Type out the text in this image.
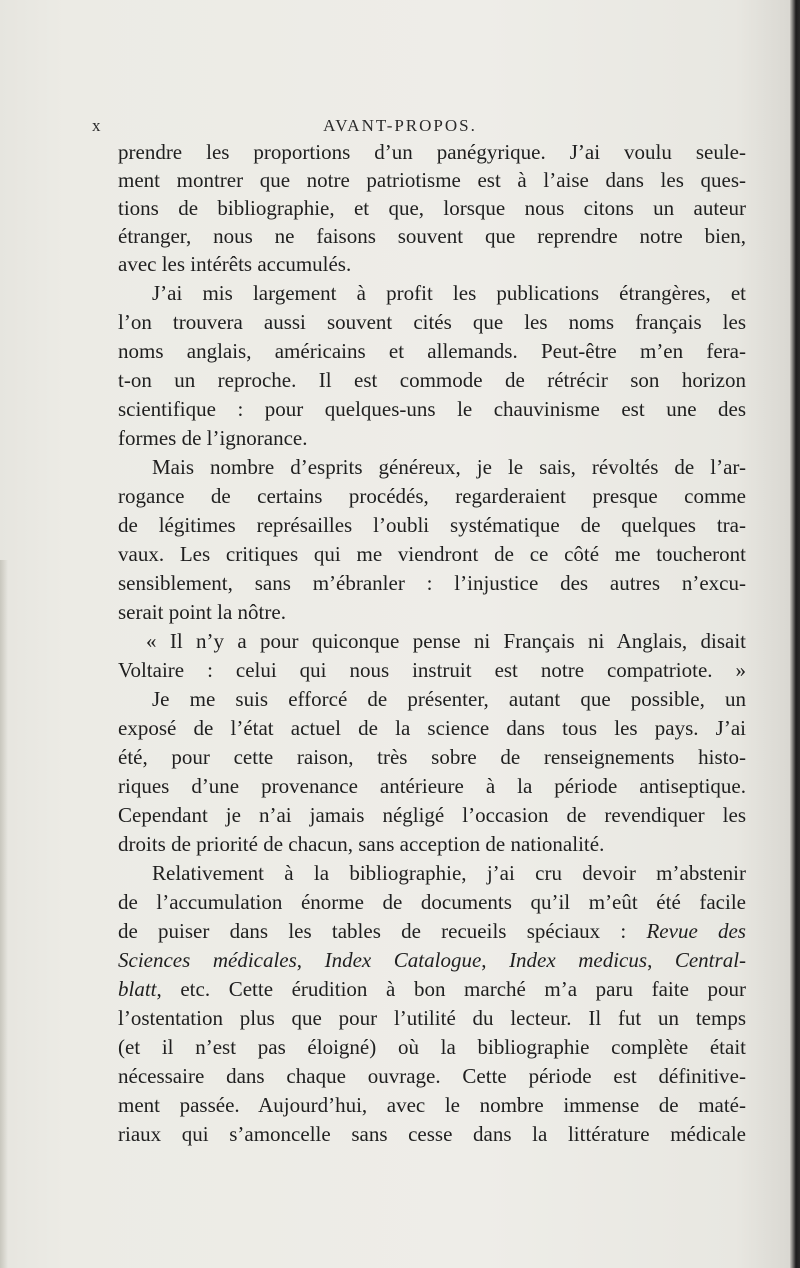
x	AVANT-PROPOS.
prendre les proportions d’un panégyrique. J’ai voulu seule-
ment montrer que notre patriotisme est à l’aise dans les ques-
tions de bibliographie, et que, lorsque nous citons un auteur
étranger, nous ne faisons souvent que reprendre notre bien,
avec les intérêts accumulés.
J’ai mis largement à profit les publications étrangères, et
l’on trouvera aussi souvent cités que les noms français les
noms anglais, américains et allemands. Peut-être m’en fera-
t-on un reproche. Il est commode de rétrécir son horizon
scientifique : pour quelques-uns le chauvinisme est une des
formes de l’ignorance.
Mais nombre d’esprits généreux, je le sais, révoltés de l’ar-
rogance de certains procédés, regarderaient presque comme
de légitimes représailles l’oubli systématique de quelques tra-
vaux. Les critiques qui me viendront de ce côté me toucheront
sensiblement, sans m’ébranler : l’injustice des autres n’excu-
serait point la nôtre.
« Il n’y a pour quiconque pense ni Français ni Anglais, disait
Voltaire : celui qui nous instruit est notre compatriote. »
Je me suis efforcé de présenter, autant que possible, un
exposé de l’état actuel de la science dans tous les pays. J’ai
été, pour cette raison, très sobre de renseignements histo-
riques d’une provenance antérieure à la période antiseptique.
Cependant je n’ai jamais négligé l’occasion de revendiquer les
droits de priorité de chacun, sans acception de nationalité.
Relativement à la bibliographie, j’ai cru devoir m’abstenir
de l’accumulation énorme de documents qu’il m’eût été facile
de puiser dans les tables de recueils spéciaux : Revue des
Sciences médicales, Index Catalogue, Index medicus, Central-
blatt, etc. Cette érudition à bon marché m’a paru faite pour
l’ostentation plus que pour l’utilité du lecteur. Il fut un temps
(et il n’est pas éloigné) où la bibliographie complète était
nécessaire dans chaque ouvrage. Cette période est définitive-
ment passée. Aujourd’hui, avec le nombre immense de maté-
riaux qui s’amoncelle sans cesse dans la littérature médicale
